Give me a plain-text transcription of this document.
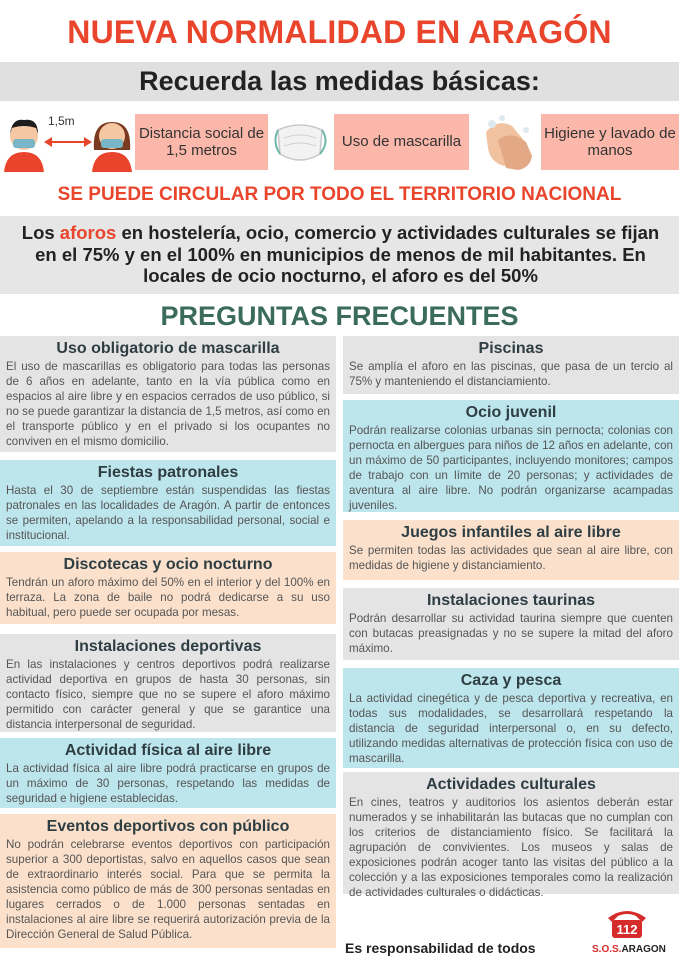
NUEVA NORMALIDAD EN ARAGÓN
Recuerda las medidas básicas:
1,5m
Distancia social de 1,5 metros
Uso de mascarilla
Higiene y lavado de manos
SE PUEDE CIRCULAR POR TODO EL TERRITORIO NACIONAL
Los aforos en hostelería, ocio, comercio y actividades culturales se fijan en el 75% y en el 100% en municipios de menos de mil habitantes. En locales de ocio nocturno, el aforo es del 50%
PREGUNTAS FRECUENTES
Uso obligatorio de mascarilla
El uso de mascarillas es obligatorio para todas las personas de 6 años en adelante, tanto en la vía pública como en espacios al aire libre y en espacios cerrados de uso público, si no se puede garantizar la distancia de 1,5 metros, así como en el transporte público y en el privado si los ocupantes no conviven en el mismo domicilio.
Fiestas patronales
Hasta el 30 de septiembre están suspendidas las fiestas patronales en las localidades de Aragón. A partir de entonces se permiten, apelando a la responsabilidad personal, social e institucional.
Discotecas y ocio nocturno
Tendrán un aforo máximo del 50% en el interior y del 100% en terraza. La zona de baile no podrá dedicarse a su uso habitual, pero puede ser ocupada por mesas.
Instalaciones deportivas
En las instalaciones y centros deportivos podrá realizarse actividad deportiva en grupos de hasta 30 personas, sin contacto físico, siempre que no se supere el aforo máximo permitido con carácter general y que se garantice una distancia interpersonal de seguridad.
Actividad física al aire libre
La actividad física al aire libre podrá practicarse en grupos de un máximo de 30 personas, respetando las medidas de seguridad e higiene establecidas.
Eventos deportivos con público
No podrán celebrarse eventos deportivos con participación superior a 300 deportistas, salvo en aquellos casos que sean de extraordinario interés social. Para que se permita la asistencia como público de más de 300 personas sentadas en lugares cerrados o de 1.000 personas sentadas en instalaciones al aire libre se requerirá autorización previa de la Dirección General de Salud Pública.
Piscinas
Se amplía el aforo en las piscinas, que pasa de un tercio al 75% y manteniendo el distanciamiento.
Ocio juvenil
Podrán realizarse colonias urbanas sin pernocta; colonias con pernocta en albergues para niños de 12 años en adelante, con un máximo de 50 participantes, incluyendo monitores; campos de trabajo con un límite de 20 personas; y actividades de aventura al aire libre. No podrán organizarse acampadas juveniles.
Juegos infantiles al aire libre
Se permiten todas las actividades que sean al aire libre, con medidas de higiene y distanciamiento.
Instalaciones taurinas
Podrán desarrollar su actividad taurina siempre que cuenten con butacas preasignadas y no se supere la mitad del aforo máximo.
Caza y pesca
La actividad cinegética y de pesca deportiva y recreativa, en todas sus modalidades, se desarrollará respetando la distancia de seguridad interpersonal o, en su defecto, utilizando medidas alternativas de protección física con uso de mascarilla.
Actividades culturales
En cines, teatros y auditorios los asientos deberán estar numerados y se inhabilitarán las butacas que no cumplan con los criterios de distanciamiento físico. Se facilitará la agrupación de convivientes. Los museos y salas de exposiciones podrán acoger tanto las visitas del público a la colección y a las exposiciones temporales como la realización de actividades culturales o didácticas.
Es responsabilidad de todos
112
S.O.S.ARAGON
